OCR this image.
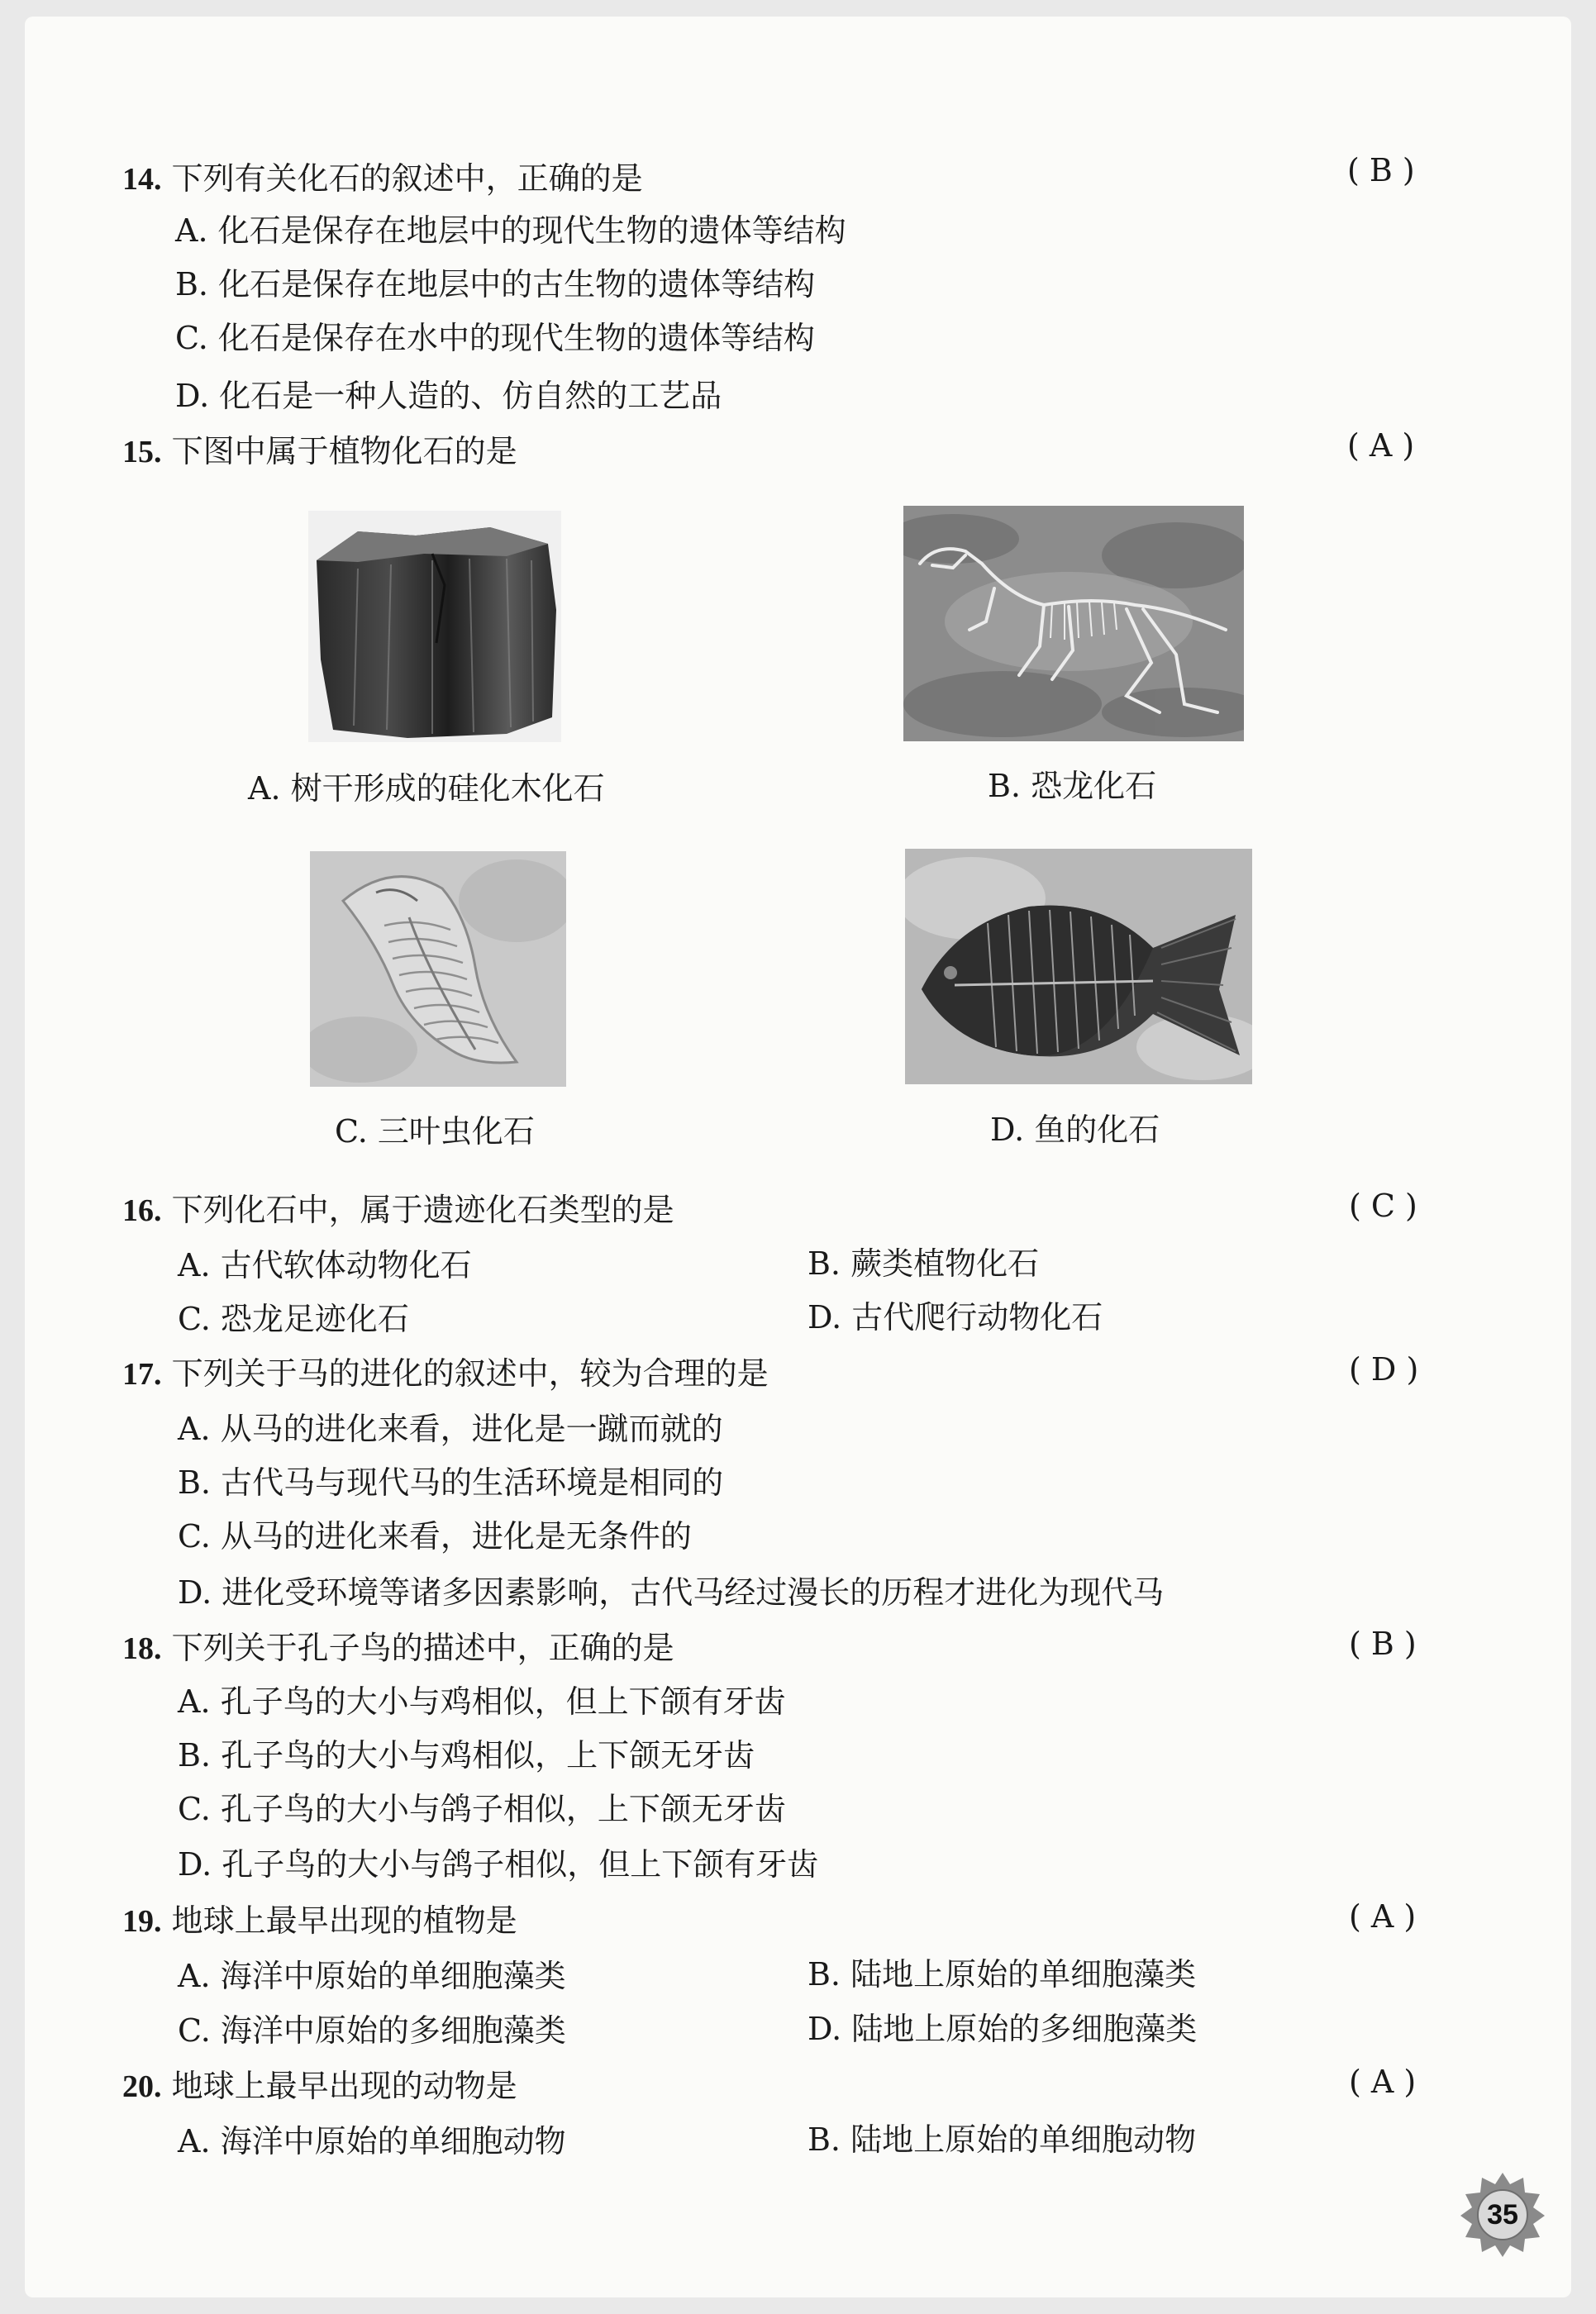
14. 下列有关化石的叙述中，正确的是	( B )
A. 化石是保存在地层中的现代生物的遗体等结构
B. 化石是保存在地层中的古生物的遗体等结构
C. 化石是保存在水中的现代生物的遗体等结构
D. 化石是一种人造的、仿自然的工艺品
15. 下图中属于植物化石的是	( A )
A. 树干形成的硅化木化石	B. 恐龙化石
C. 三叶虫化石	D. 鱼的化石
16. 下列化石中，属于遗迹化石类型的是	( C )
A. 古代软体动物化石	B. 蕨类植物化石
C. 恐龙足迹化石	D. 古代爬行动物化石
17. 下列关于马的进化的叙述中，较为合理的是	( D )
A. 从马的进化来看，进化是一蹴而就的
B. 古代马与现代马的生活环境是相同的
C. 从马的进化来看，进化是无条件的
D. 进化受环境等诸多因素影响，古代马经过漫长的历程才进化为现代马
18. 下列关于孔子鸟的描述中，正确的是	( B )
A. 孔子鸟的大小与鸡相似，但上下颌有牙齿
B. 孔子鸟的大小与鸡相似，上下颌无牙齿
C. 孔子鸟的大小与鸽子相似，上下颌无牙齿
D. 孔子鸟的大小与鸽子相似，但上下颌有牙齿
19. 地球上最早出现的植物是	( A )
A. 海洋中原始的单细胞藻类	B. 陆地上原始的单细胞藻类
C. 海洋中原始的多细胞藻类	D. 陆地上原始的多细胞藻类
20. 地球上最早出现的动物是	( A )
A. 海洋中原始的单细胞动物	B. 陆地上原始的单细胞动物
35
